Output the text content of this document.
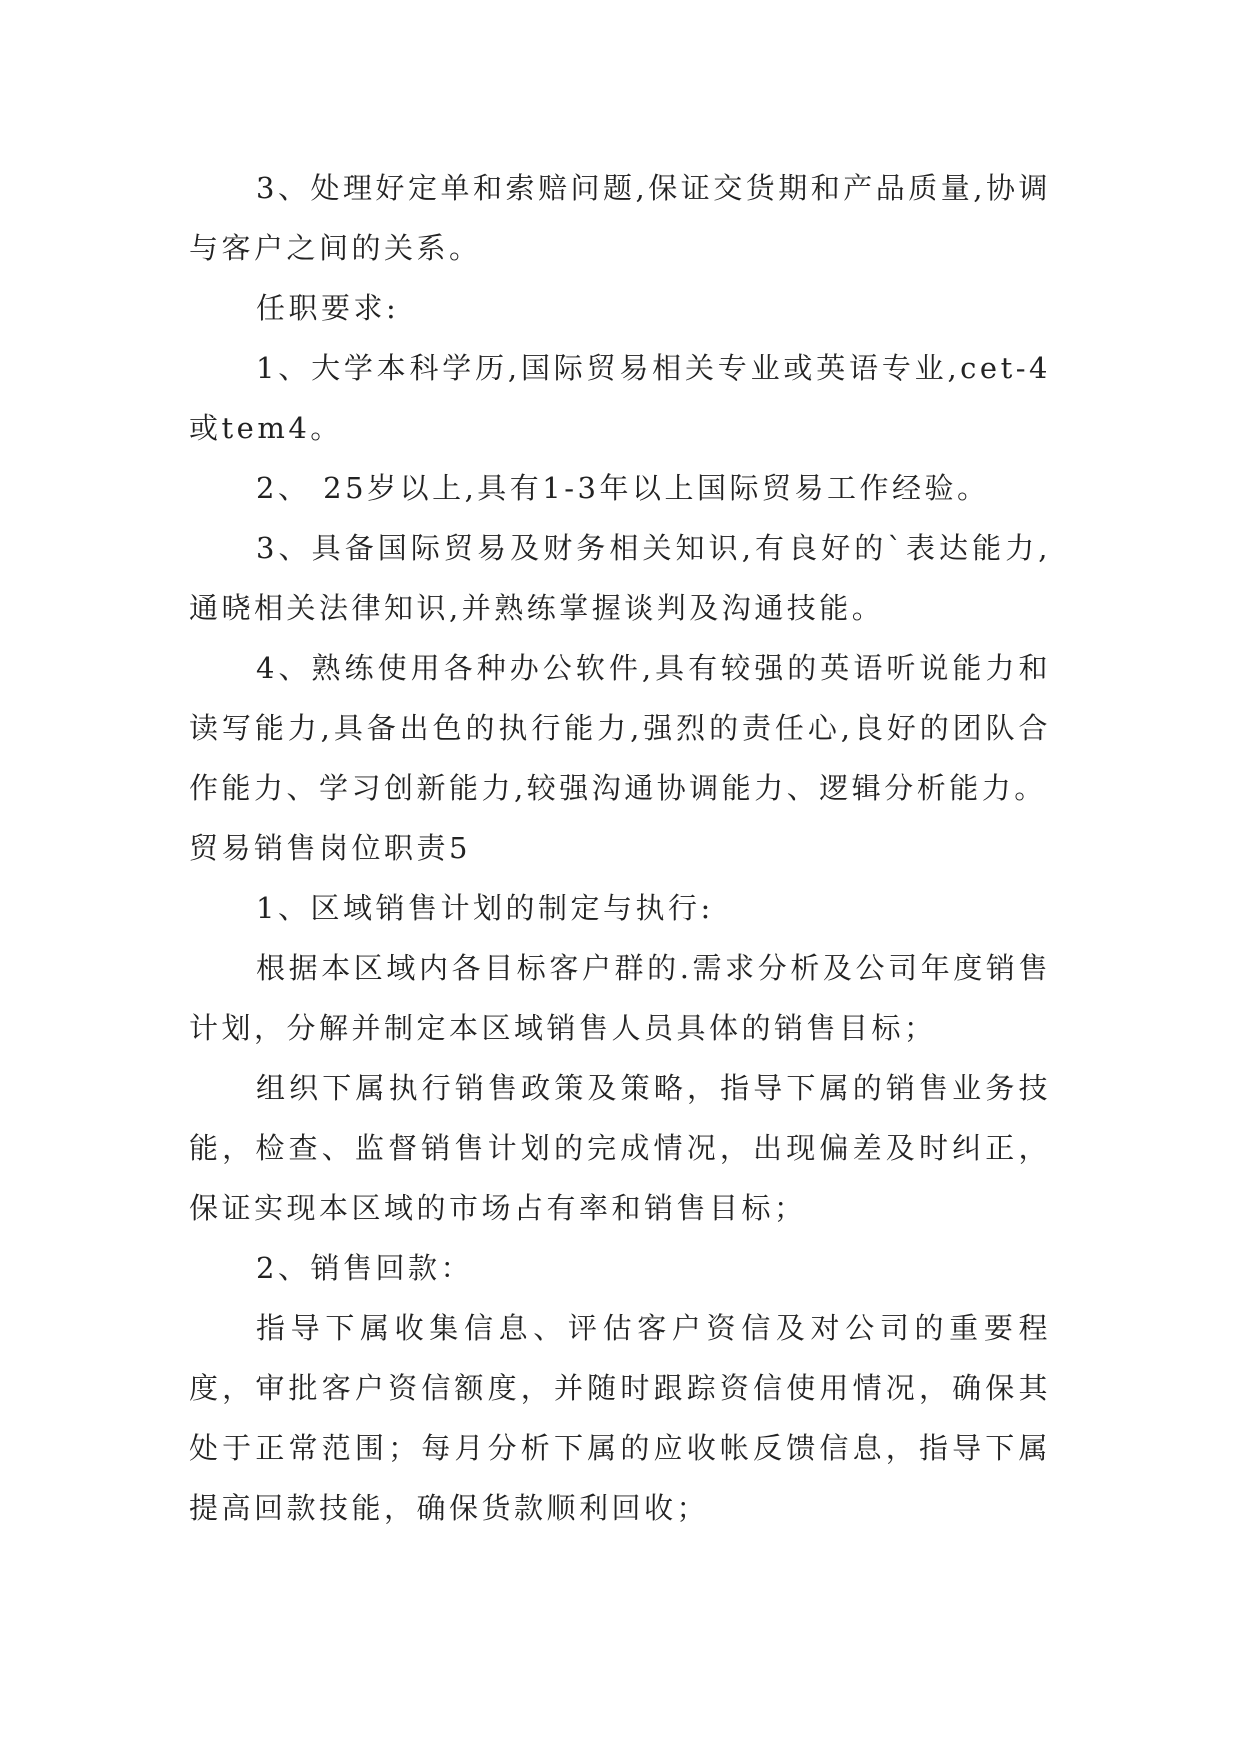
3、处理好定单和索赔问题,保证交货期和产品质量,协调与客户之间的关系。

任职要求:

1、大学本科学历,国际贸易相关专业或英语专业,cet-4或tem4。

2、 25岁以上,具有1-3年以上国际贸易工作经验。

3、具备国际贸易及财务相关知识,有良好的`表达能力,通晓相关法律知识,并熟练掌握谈判及沟通技能。

4、熟练使用各种办公软件,具有较强的英语听说能力和读写能力,具备出色的执行能力,强烈的责任心,良好的团队合作能力、学习创新能力,较强沟通协调能力、逻辑分析能力。

贸易销售岗位职责5

1、区域销售计划的制定与执行:

根据本区域内各目标客户群的.需求分析及公司年度销售计划，分解并制定本区域销售人员具体的销售目标；

组织下属执行销售政策及策略，指导下属的销售业务技能，检查、监督销售计划的完成情况，出现偏差及时纠正，保证实现本区域的市场占有率和销售目标；

2、销售回款：

指导下属收集信息、评估客户资信及对公司的重要程度，审批客户资信额度，并随时跟踪资信使用情况，确保其处于正常范围；每月分析下属的应收帐反馈信息，指导下属提高回款技能，确保货款顺利回收；
